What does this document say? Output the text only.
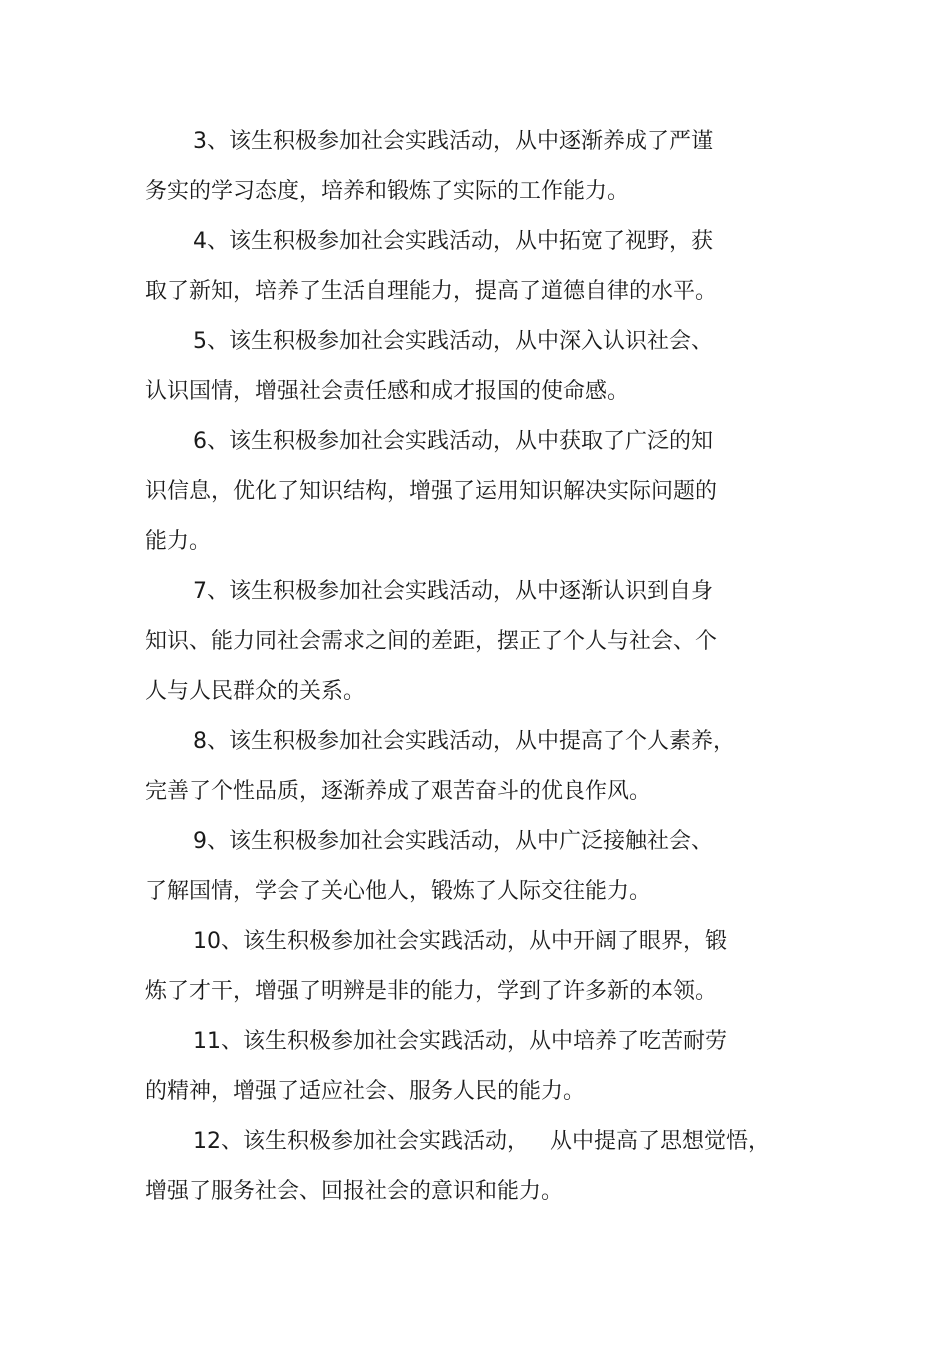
3、该生积极参加社会实践活动，从中逐渐养成了严谨

务实的学习态度，培养和锻炼了实际的工作能力。

4、该生积极参加社会实践活动，从中拓宽了视野，获

取了新知，培养了生活自理能力，提高了道德自律的水平。

5、该生积极参加社会实践活动，从中深入认识社会、

认识国情，增强社会责任感和成才报国的使命感。

6、该生积极参加社会实践活动，从中获取了广泛的知

识信息，优化了知识结构，增强了运用知识解决实际问题的

能力。

7、该生积极参加社会实践活动，从中逐渐认识到自身

知识、能力同社会需求之间的差距，摆正了个人与社会、个

人与人民群众的关系。

8、该生积极参加社会实践活动，从中提高了个人素养，

完善了个性品质，逐渐养成了艰苦奋斗的优良作风。

9、该生积极参加社会实践活动，从中广泛接触社会、

了解国情，学会了关心他人，锻炼了人际交往能力。

10、该生积极参加社会实践活动，从中开阔了眼界，锻

炼了才干，增强了明辨是非的能力，学到了许多新的本领。

11、该生积极参加社会实践活动，从中培养了吃苦耐劳

的精神，增强了适应社会、服务人民的能力。

12、该生积极参加社会实践活动，   从中提高了思想觉悟，

增强了服务社会、回报社会的意识和能力。
